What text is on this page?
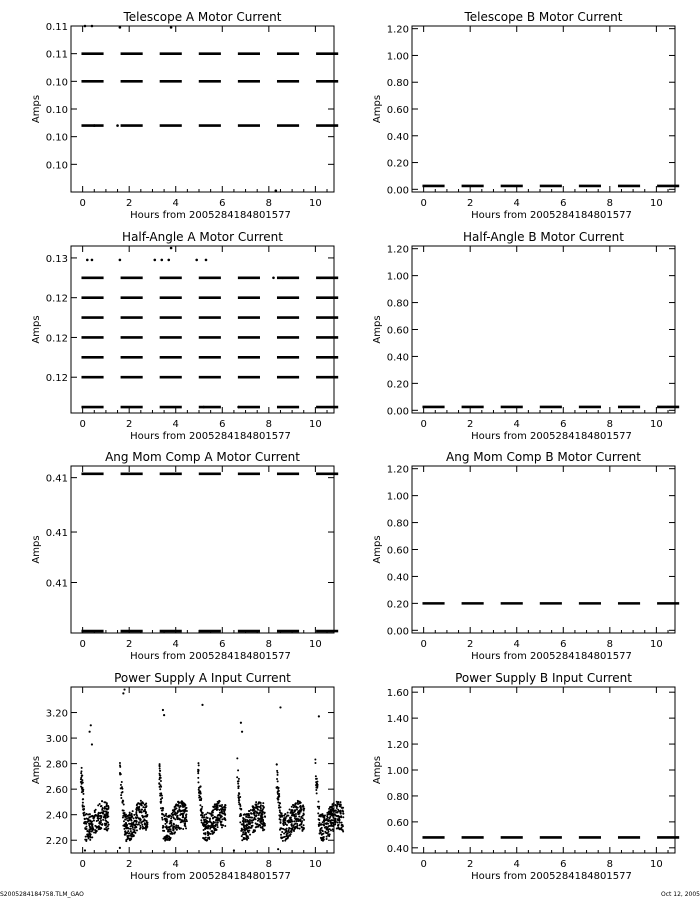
Telescope A Motor Current
0	2	4	6	8	10
0.10
0.10
0.10
0.10
0.11
0.11
Hours from 2005284184801577
Amps
Telescope B Motor Current
0	2	4	6	8	10
0.00
0.20
0.40
0.60
0.80
1.00
1.20
Hours from 2005284184801577
Amps
Half-Angle A Motor Current
0	2	4	6	8	10
0.12
0.12
0.12
0.13
Hours from 2005284184801577
Amps
Half-Angle B Motor Current
0	2	4	6	8	10
0.00
0.20
0.40
0.60
0.80
1.00
1.20
Hours from 2005284184801577
Amps
Ang Mom Comp A Motor Current
0	2	4	6	8	10
0.41
0.41
0.41
Hours from 2005284184801577
Amps
Ang Mom Comp B Motor Current
0	2	4	6	8	10
0.00
0.20
0.40
0.60
0.80
1.00
1.20
Hours from 2005284184801577
Amps
Power Supply A Input Current
0	2	4	6	8	10
2.20
2.40
2.60
2.80
3.00
3.20
Hours from 2005284184801577
Amps
Power Supply B Input Current
0	2	4	6	8	10
0.40
0.60
0.80
1.00
1.20
1.40
1.60
Hours from 2005284184801577
Amps
S2005284184758.TLM_GAO	Oct 12, 2005
